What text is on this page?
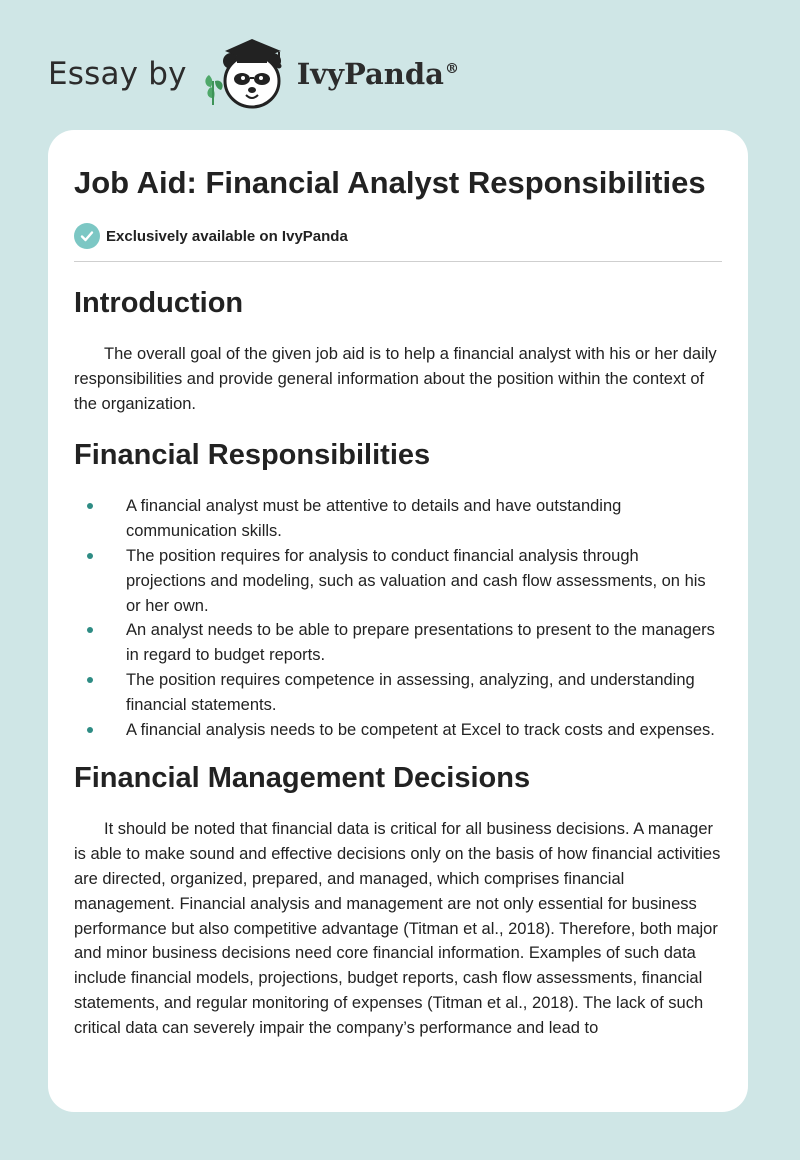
Essay by	IvyPanda®
Job Aid: Financial Analyst Responsibilities
Exclusively available on IvyPanda
Introduction

The overall goal of the given job aid is to help a financial analyst with his or her daily responsibilities and provide general information about the position within the context of the organization.

Financial Responsibilities
A financial analyst must be attentive to details and have outstanding communication skills.
The position requires for analysis to conduct financial analysis through projections and modeling, such as valuation and cash flow assessments, on his or her own.
An analyst needs to be able to prepare presentations to present to the managers in regard to budget reports.
The position requires competence in assessing, analyzing, and understanding financial statements.
A financial analysis needs to be competent at Excel to track costs and expenses.
Financial Management Decisions

It should be noted that financial data is critical for all business decisions. A manager is able to make sound and effective decisions only on the basis of how financial activities are directed, organized, prepared, and managed, which comprises financial management. Financial analysis and management are not only essential for business performance but also competitive advantage (Titman et al., 2018). Therefore, both major and minor business decisions need core financial information. Examples of such data include financial models, projections, budget reports, cash flow assessments, financial statements, and regular monitoring of expenses (Titman et al., 2018). The lack of such critical data can severely impair the company’s performance and lead to
